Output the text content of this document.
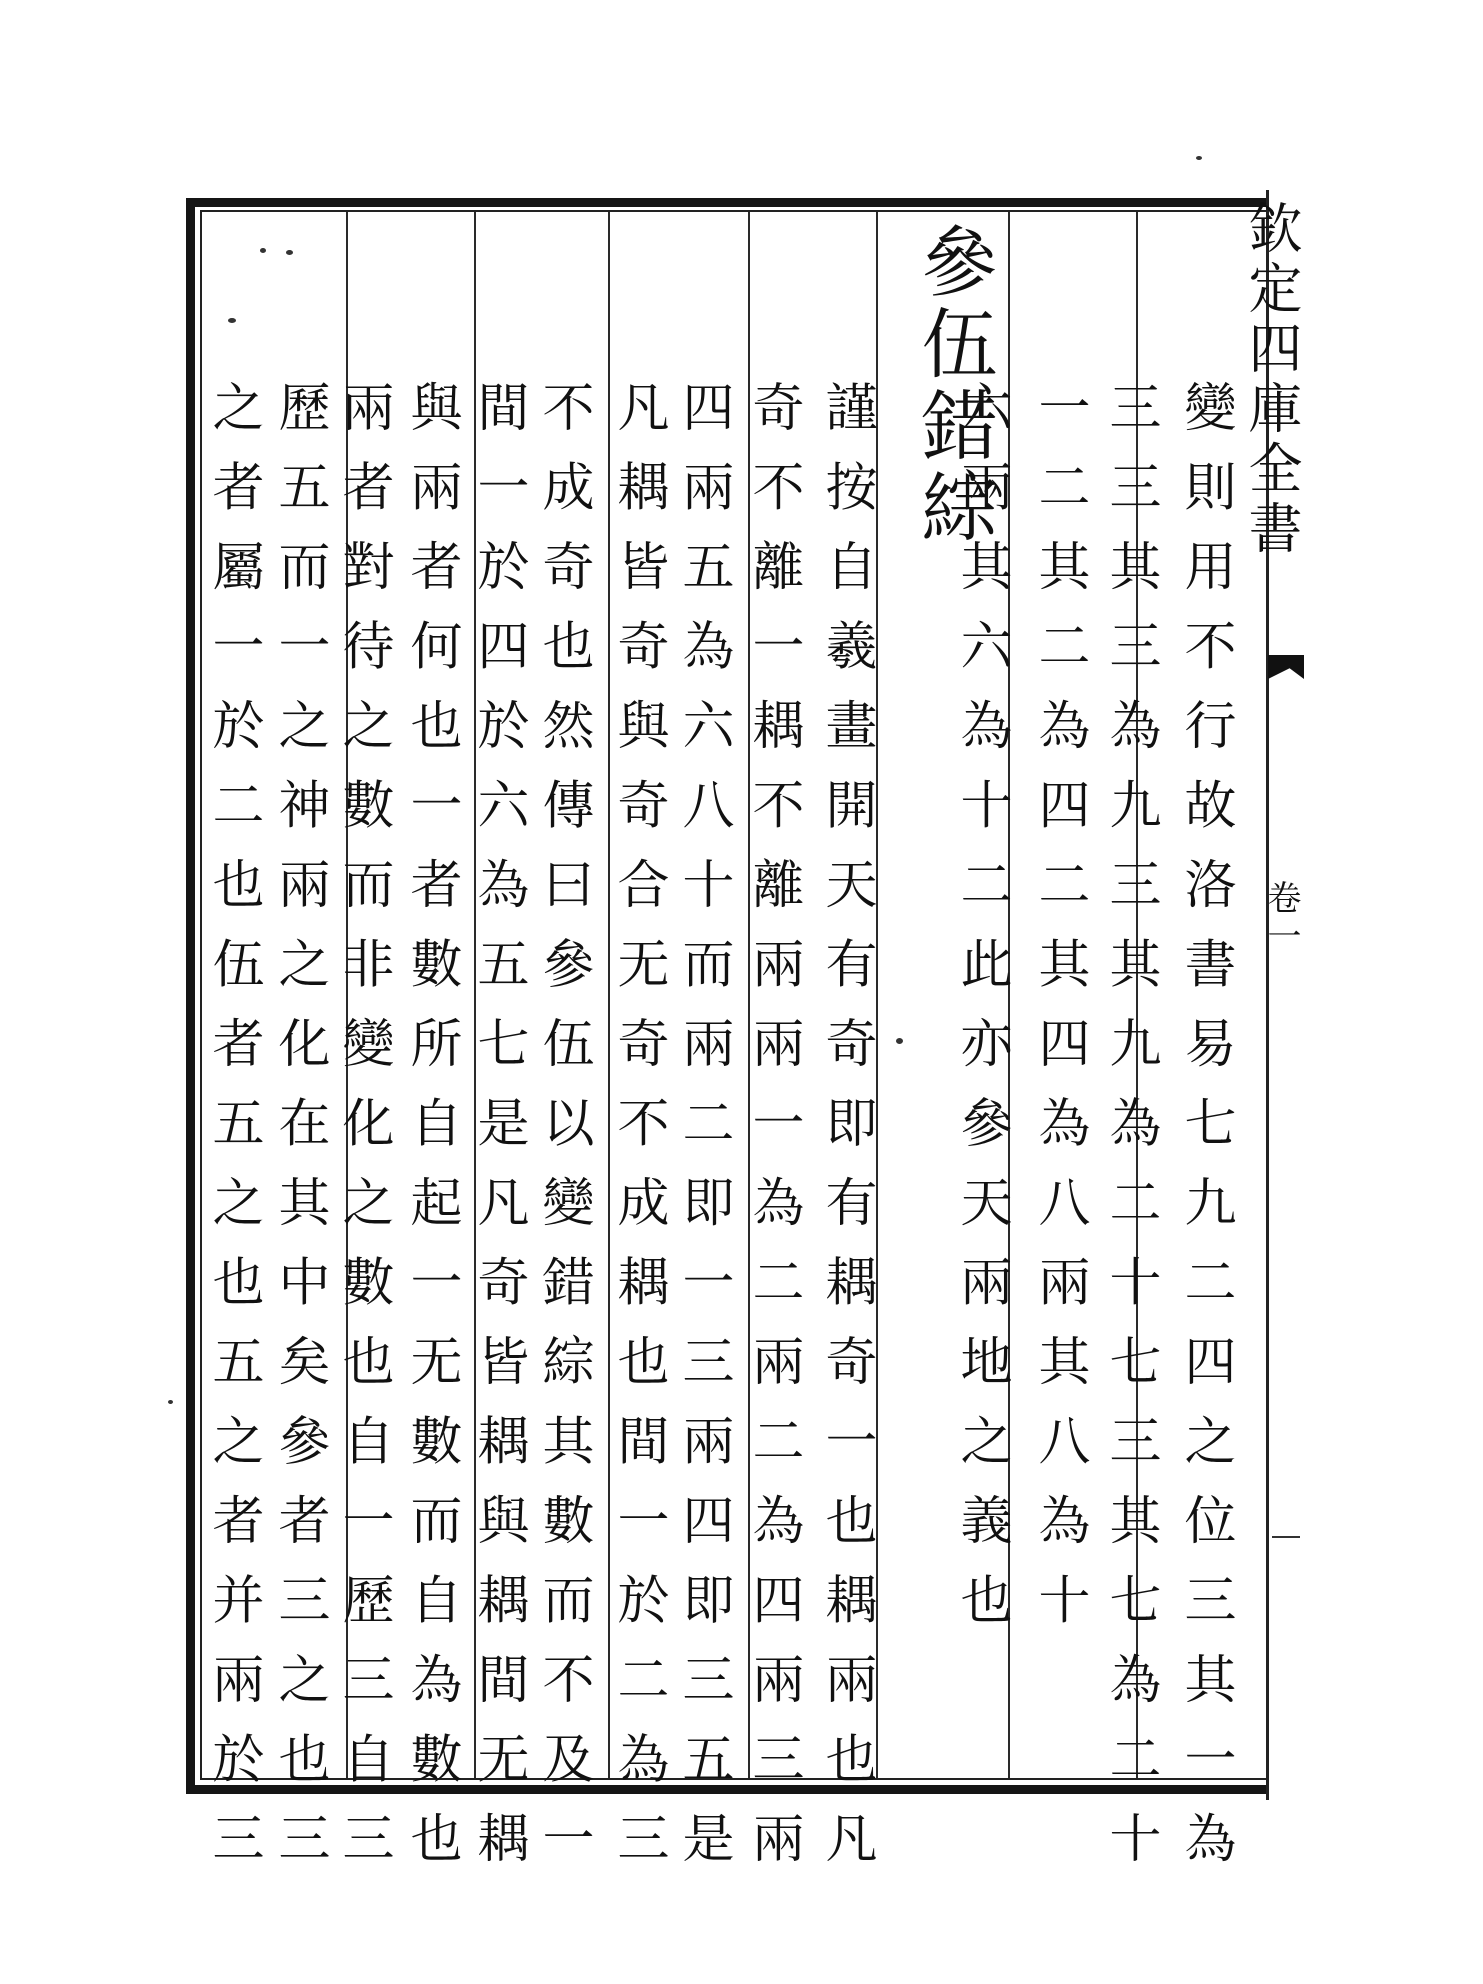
欽定四庫全書
卷一
參伍錯綜	變則用不行故洛書易七九二四之位三其一為
三三其三為九三其九為二十七三其七為二十
一二其二為四二其四為八兩其八為十
六兩其六為十二此亦參天兩地之義也
謹按自羲畫開天有奇即有耦奇一也耦兩也凡
奇不離一耦不離兩兩一為二兩二為四兩三兩
四兩五為六八十而兩二即一三兩四即三五是
凡耦皆奇與奇合无奇不成耦也間一於二為三
不成奇也然傳曰參伍以變錯綜其數而不及一
間一於四於六為五七是凡奇皆耦與耦間无耦
與兩者何也一者數所自起一无數而自為數也
兩者對待之數而非變化之數也自一歷三自三
歷五而一之神兩之化在其中矣參者三之也三
之者屬一於二也伍者五之也五之者并兩於三
